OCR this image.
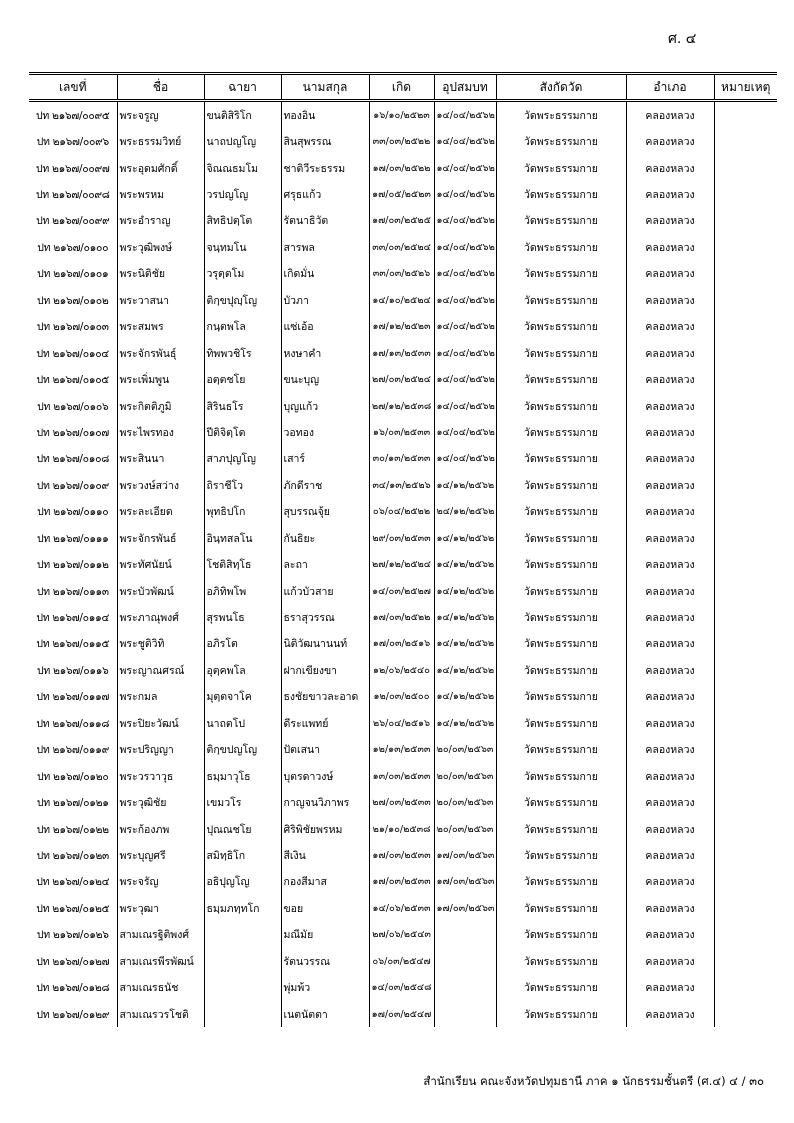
ศ. ๔
เลขที่	ชื่อ	ฉายา	นามสกุล	เกิด	อุปสมบท	สังกัดวัด	อำเภอ	หมายเหตุ
ปท ๒๑๖๗/๐๐๙๕	พระจรูญ	ขนติสิริโก	ทองอิน	๑๖/๑๐/๒๕๒๓	๑๔/๐๔/๒๕๖๒	วัดพระธรรมกาย	คลองหลวง	
ปท ๒๑๖๗/๐๐๙๖	พระธรรมวิทย์	นาถปญโญ	สินสุพรรณ	๓๓/๐๓/๒๕๒๒	๑๔/๐๔/๒๕๖๒	วัดพระธรรมกาย	คลองหลวง	
ปท ๒๑๖๗/๐๐๙๗	พระอุดมศักดิ์	จิณณธมโม	ชาติวีระธรรม	๑๗/๐๓/๒๕๒๒	๑๔/๐๔/๒๕๖๒	วัดพระธรรมกาย	คลองหลวง	
ปท ๒๑๖๗/๐๐๙๘	พระพรหม	วรปญโญ	ศรุธแก้ว	๑๗/๐๕/๒๕๒๓	๑๔/๐๔/๒๕๖๒	วัดพระธรรมกาย	คลองหลวง	
ปท ๒๑๖๗/๐๐๙๙	พระอำราญ	สิทธิปตฺโต	รัตนาธิวัต	๑๗/๐๓/๒๕๒๕	๑๔/๐๔/๒๕๖๒	วัดพระธรรมกาย	คลองหลวง	
ปท ๒๑๖๗/๐๑๐๐	พระวุฒิพงษ์	จนฺทมโน	สารพล	๓๓/๐๓/๒๕๒๔	๑๔/๐๔/๒๕๖๒	วัดพระธรรมกาย	คลองหลวง	
ปท ๒๑๖๗/๐๑๐๑	พระนิติชัย	วรุตฺตโม	เกิดมั่น	๓๓/๐๓/๒๕๒๖	๑๔/๐๔/๒๕๖๒	วัดพระธรรมกาย	คลองหลวง	
ปท ๒๑๖๗/๐๑๐๒	พระวาสนา	ติกฺขปุญฺโญ	บัวภา	๑๔/๑๐/๒๕๒๔	๑๔/๐๔/๒๕๖๒	วัดพระธรรมกาย	คลองหลวง	
ปท ๒๑๖๗/๐๑๐๓	พระสมพร	กนฺตพโล	แซ่เอ้อ	๑๗/๑๒/๒๕๒๓	๑๔/๐๔/๒๕๖๒	วัดพระธรรมกาย	คลองหลวง	
ปท ๒๑๖๗/๐๑๐๔	พระจักรพันธุ์	ทิพพวชิโร	หงษาคำ	๑๗/๑๓/๒๕๓๓	๑๔/๐๔/๒๕๖๒	วัดพระธรรมกาย	คลองหลวง	
ปท ๒๑๖๗/๐๑๐๕	พระเพิ่มพูน	อตฺตชโย	ขนะบุญ	๒๗/๐๓/๒๕๒๔	๑๔/๐๔/๒๕๖๒	วัดพระธรรมกาย	คลองหลวง	
ปท ๒๑๖๗/๐๑๐๖	พระกิตติภูมิ	สิรินธโร	บุญแก้ว	๒๗/๑๒/๒๕๓๘	๑๔/๐๔/๒๕๖๒	วัดพระธรรมกาย	คลองหลวง	
ปท ๒๑๖๗/๐๑๐๗	พระไพรทอง	ปีติจิตฺโต	วอทอง	๑๖/๐๓/๒๕๓๓	๑๔/๐๔/๒๕๖๒	วัดพระธรรมกาย	คลองหลวง	
ปท ๒๑๖๗/๐๑๐๘	พระสินนา	สาภปุญโญ	เสาร์	๓๐/๑๓/๒๕๓๓	๑๔/๐๔/๒๕๖๒	วัดพระธรรมกาย	คลองหลวง	
ปท ๒๑๖๗/๐๑๐๙	พระวงษ์สว่าง	ถิราชีโว	ภักดีราช	๓๔/๑๓/๒๕๒๖	๑๔/๑๒/๒๕๖๒	วัดพระธรรมกาย	คลองหลวง	
ปท ๒๑๖๗/๐๑๑๐	พระละเอียด	พุทธิปโก	สุบรรณจุ้ย	๐๖/๐๔/๒๕๒๒	๒๔/๑๒/๒๕๖๒	วัดพระธรรมกาย	คลองหลวง	
ปท ๒๑๖๗/๐๑๑๑	พระจักรพันธ์	อินฺทสลโน	กันธิยะ	๒๙/๐๓/๒๕๓๓	๑๔/๑๒/๒๕๖๒	วัดพระธรรมกาย	คลองหลวง	
ปท ๒๑๖๗/๐๑๑๒	พระทัศนัยน์	โชติสิทฺโธ	ละถา	๒๗/๑๒/๒๕๒๔	๑๔/๑๒/๒๕๖๒	วัดพระธรรมกาย	คลองหลวง	
ปท ๒๑๖๗/๐๑๑๓	พระบัวพัฒน์	อภิทิพโพ	แก้วบัวสาย	๑๔/๐๓/๒๕๒๗	๑๔/๑๒/๒๕๖๒	วัดพระธรรมกาย	คลองหลวง	
ปท ๒๑๖๗/๐๑๑๔	พระภาณุพงศ์	สุรพนโธ	ธราสุวรรณ	๑๗/๐๓/๒๕๒๒	๑๔/๑๒/๒๕๖๒	วัดพระธรรมกาย	คลองหลวง	
ปท ๒๑๖๗/๐๑๑๕	พระชูติวิทิ	อภิรโต	นิติวัฒนานนท์	๑๗/๐๓/๒๕๑๖	๑๔/๑๒/๒๕๖๒	วัดพระธรรมกาย	คลองหลวง	
ปท ๒๑๖๗/๐๑๑๖	พระญาณศรณ์	อุตฺคพโล	ฝากเขียงขา	๑๒/๐๖/๒๕๔๐	๑๔/๑๒/๒๕๖๒	วัดพระธรรมกาย	คลองหลวง	
ปท ๒๑๖๗/๐๑๑๗	พระกมล	มุตฺตจาโค	ธงชัยขาวละอาด	๑๒/๐๓/๒๕๐๐	๑๔/๑๒/๒๕๖๒	วัดพระธรรมกาย	คลองหลวง	
ปท ๒๑๖๗/๐๑๑๘	พระปิยะวัฒน์	นาถตโป	ดีระแพทย์	๒๖/๐๔/๒๕๑๖	๑๔/๑๒/๒๕๖๒	วัดพระธรรมกาย	คลองหลวง	
ปท ๒๑๖๗/๐๑๑๙	พระปริญญา	ติกฺขปญโญ	ปัตเสนา	๑๒/๑๓/๒๕๓๓	๒๐/๐๓/๒๕๖๓	วัดพระธรรมกาย	คลองหลวง	
ปท ๒๑๖๗/๐๑๒๐	พระวรวาวุธ	ธมฺมาวุโธ	บุตรดาวงษ์	๑๓/๐๓/๒๕๓๓	๒๐/๐๓/๒๕๖๓	วัดพระธรรมกาย	คลองหลวง	
ปท ๒๑๖๗/๐๑๒๑	พระวุฒิชัย	เขมวโร	กาญจนวิภาพร	๒๗/๐๓/๒๕๓๓	๒๐/๐๓/๒๕๖๓	วัดพระธรรมกาย	คลองหลวง	
ปท ๒๑๖๗/๐๑๒๒	พระก้องภพ	ปุณณชโย	ศิริพิชัยพรหม	๒๑/๑๐/๒๕๓๘	๒๐/๐๓/๒๕๖๓	วัดพระธรรมกาย	คลองหลวง	
ปท ๒๑๖๗/๐๑๒๓	พระบุญศรี	สมิทฺธิโก	สีเงิน	๑๗/๐๓/๒๕๓๓	๑๗/๐๓/๒๕๖๓	วัดพระธรรมกาย	คลองหลวง	
ปท ๒๑๖๗/๐๑๒๔	พระจรัญ	อธิปุญโญ	กองสีมาส	๑๗/๐๓/๒๕๓๓	๑๗/๐๓/๒๕๖๓	วัดพระธรรมกาย	คลองหลวง	
ปท ๒๑๖๗/๐๑๒๕	พระวุฒา	ธมฺมภทฺทโก	ขอย	๑๔/๐๖/๒๕๓๓	๑๗/๐๓/๒๕๖๓	วัดพระธรรมกาย	คลองหลวง	
ปท ๒๑๖๗/๐๑๒๖	สามเณรฐิติพงศ์		มณีมัย	๒๗/๐๖/๒๕๔๓		วัดพระธรรมกาย	คลองหลวง	
ปท ๒๑๖๗/๐๑๒๗	สามเณรพีรพัฒน์		รัตนวรรณ	๐๖/๐๓/๒๕๔๗		วัดพระธรรมกาย	คลองหลวง	
ปท ๒๑๖๗/๐๑๒๘	สามเณรธนัช		พุ่มพ้ว	๑๔/๐๓/๒๕๔๘		วัดพระธรรมกาย	คลองหลวง	
ปท ๒๑๖๗/๐๑๒๙	สามเณรวรโชติ		เนตนัตตา	๑๗/๐๓/๒๕๔๗		วัดพระธรรมกาย	คลองหลวง	
สำนักเรียน คณะจังหวัดปทุมธานี ภาค ๑ นักธรรมชั้นตรี (ศ.๔) ๔ / ๓๐
